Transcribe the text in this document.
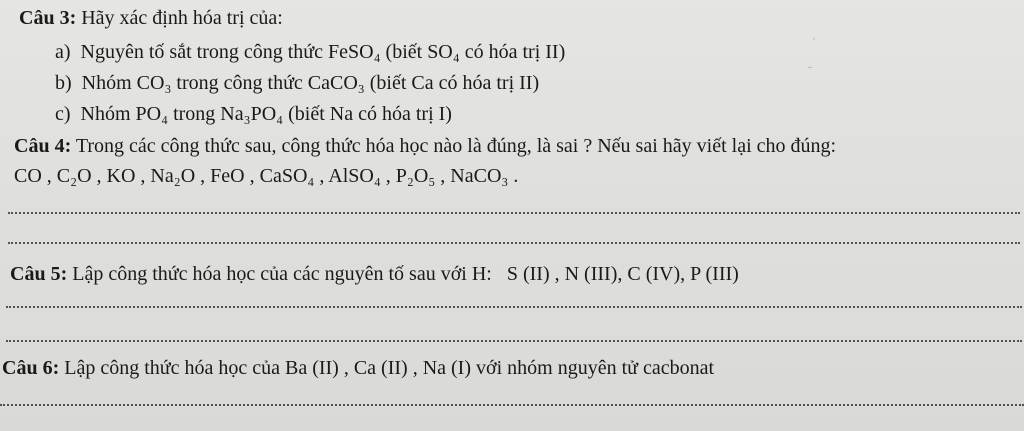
Câu 3: Hãy xác định hóa trị của:
a)  Nguyên tố sắt trong công thức FeSO₄ (biết SO₄ có hóa trị II)
b)  Nhóm CO₃ trong công thức CaCO₃ (biết Ca có hóa trị II)
c)  Nhóm PO₄ trong Na₃PO₄ (biết Na có hóa trị I)
Câu 4: Trong các công thức sau, công thức hóa học nào là đúng, là sai ? Nếu sai hãy viết lại cho đúng:
CO , C₂O , KO , Na₂O , FeO , CaSO₄ , AlSO₄ , P₂O₅ , NaCO₃ .
Câu 5: Lập công thức hóa học của các nguyên tố sau với H:   S (II) , N (III), C (IV), P (III)
Câu 6: Lập công thức hóa học của Ba (II) , Ca (II) , Na (I) với nhóm nguyên tử cacbonat
˙
¨
